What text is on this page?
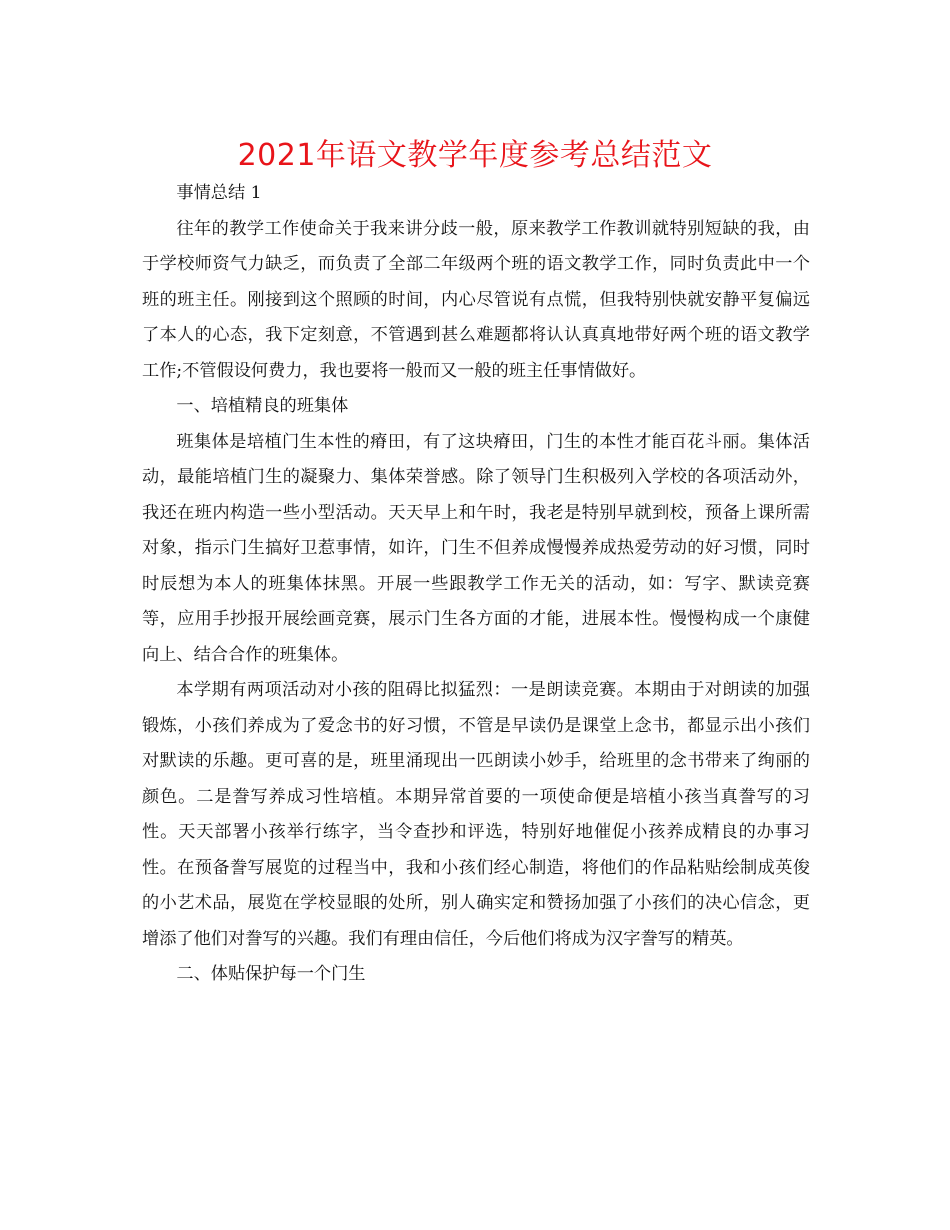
2021年语文教学年度参考总结范文

事情总结 1

往年的教学工作使命关于我来讲分歧一般，原来教学工作教训就特别短缺的我，由于学校师资气力缺乏，而负责了全部二年级两个班的语文教学工作，同时负责此中一个班的班主任。刚接到这个照顾的时间，内心尽管说有点慌，但我特别快就安静平复偏远了本人的心态，我下定刻意，不管遇到甚么难题都将认认真真地带好两个班的语文教学工作;不管假设何费力，我也要将一般而又一般的班主任事情做好。

一、培植精良的班集体

班集体是培植门生本性的瘠田，有了这块瘠田，门生的本性才能百花斗丽。集体活动，最能培植门生的凝聚力、集体荣誉感。除了领导门生积极列入学校的各项活动外，我还在班内构造一些小型活动。天天早上和午时，我老是特别早就到校，预备上课所需对象，指示门生搞好卫惹事情，如许，门生不但养成慢慢养成热爱劳动的好习惯，同时时辰想为本人的班集体抹黑。开展一些跟教学工作无关的活动，如：写字、默读竞赛等，应用手抄报开展绘画竞赛，展示门生各方面的才能，进展本性。慢慢构成一个康健向上、结合合作的班集体。

本学期有两项活动对小孩的阻碍比拟猛烈：一是朗读竞赛。本期由于对朗读的加强锻炼，小孩们养成为了爱念书的好习惯，不管是早读仍是课堂上念书，都显示出小孩们对默读的乐趣。更可喜的是，班里涌现出一匹朗读小妙手，给班里的念书带来了绚丽的颜色。二是誊写养成习性培植。本期异常首要的一项使命便是培植小孩当真誊写的习性。天天部署小孩举行练字，当令查抄和评选，特别好地催促小孩养成精良的办事习性。在预备誊写展览的过程当中，我和小孩们经心制造，将他们的作品粘贴绘制成英俊的小艺术品，展览在学校显眼的处所，别人确实定和赞扬加强了小孩们的决心信念，更增添了他们对誊写的兴趣。我们有理由信任，今后他们将成为汉字誊写的精英。

二、体贴保护每一个门生
